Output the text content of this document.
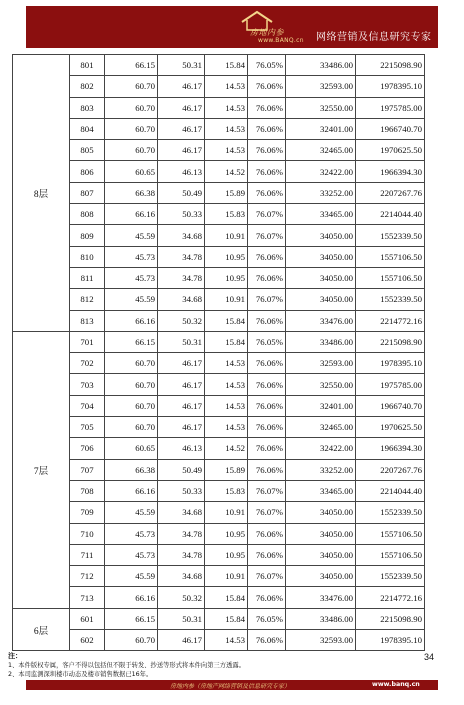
房地内参
www.BANQ.cn 网络营销及信息研究专家
8层	801	66.15	50.31	15.84	76.05%	33486.00	2215098.90
	802	60.70	46.17	14.53	76.06%	32593.00	1978395.10
	803	60.70	46.17	14.53	76.06%	32550.00	1975785.00
	804	60.70	46.17	14.53	76.06%	32401.00	1966740.70
	805	60.70	46.17	14.53	76.06%	32465.00	1970625.50
	806	60.65	46.13	14.52	76.06%	32422.00	1966394.30
	807	66.38	50.49	15.89	76.06%	33252.00	2207267.76
	808	66.16	50.33	15.83	76.07%	33465.00	2214044.40
	809	45.59	34.68	10.91	76.07%	34050.00	1552339.50
	810	45.73	34.78	10.95	76.06%	34050.00	1557106.50
	811	45.73	34.78	10.95	76.06%	34050.00	1557106.50
	812	45.59	34.68	10.91	76.07%	34050.00	1552339.50
	813	66.16	50.32	15.84	76.06%	33476.00	2214772.16
7层	701	66.15	50.31	15.84	76.05%	33486.00	2215098.90
	702	60.70	46.17	14.53	76.06%	32593.00	1978395.10
	703	60.70	46.17	14.53	76.06%	32550.00	1975785.00
	704	60.70	46.17	14.53	76.06%	32401.00	1966740.70
	705	60.70	46.17	14.53	76.06%	32465.00	1970625.50
	706	60.65	46.13	14.52	76.06%	32422.00	1966394.30
	707	66.38	50.49	15.89	76.06%	33252.00	2207267.76
	708	66.16	50.33	15.83	76.07%	33465.00	2214044.40
	709	45.59	34.68	10.91	76.07%	34050.00	1552339.50
	710	45.73	34.78	10.95	76.06%	34050.00	1557106.50
	711	45.73	34.78	10.95	76.06%	34050.00	1557106.50
	712	45.59	34.68	10.91	76.07%	34050.00	1552339.50
	713	66.16	50.32	15.84	76.06%	33476.00	2214772.16
6层	601	66.15	50.31	15.84	76.05%	33486.00	2215098.90
	602	60.70	46.17	14.53	76.06%	32593.00	1978395.10
注：
1、本件版权专属，客户不得以包括但不限于转发、抄送等形式将本件向第三方透露。
2、本司监测深圳楼市动态及楼市销售数据已16年。
34
房地内参（房地产网络营销及信息研究专家）	www.banq.cn
